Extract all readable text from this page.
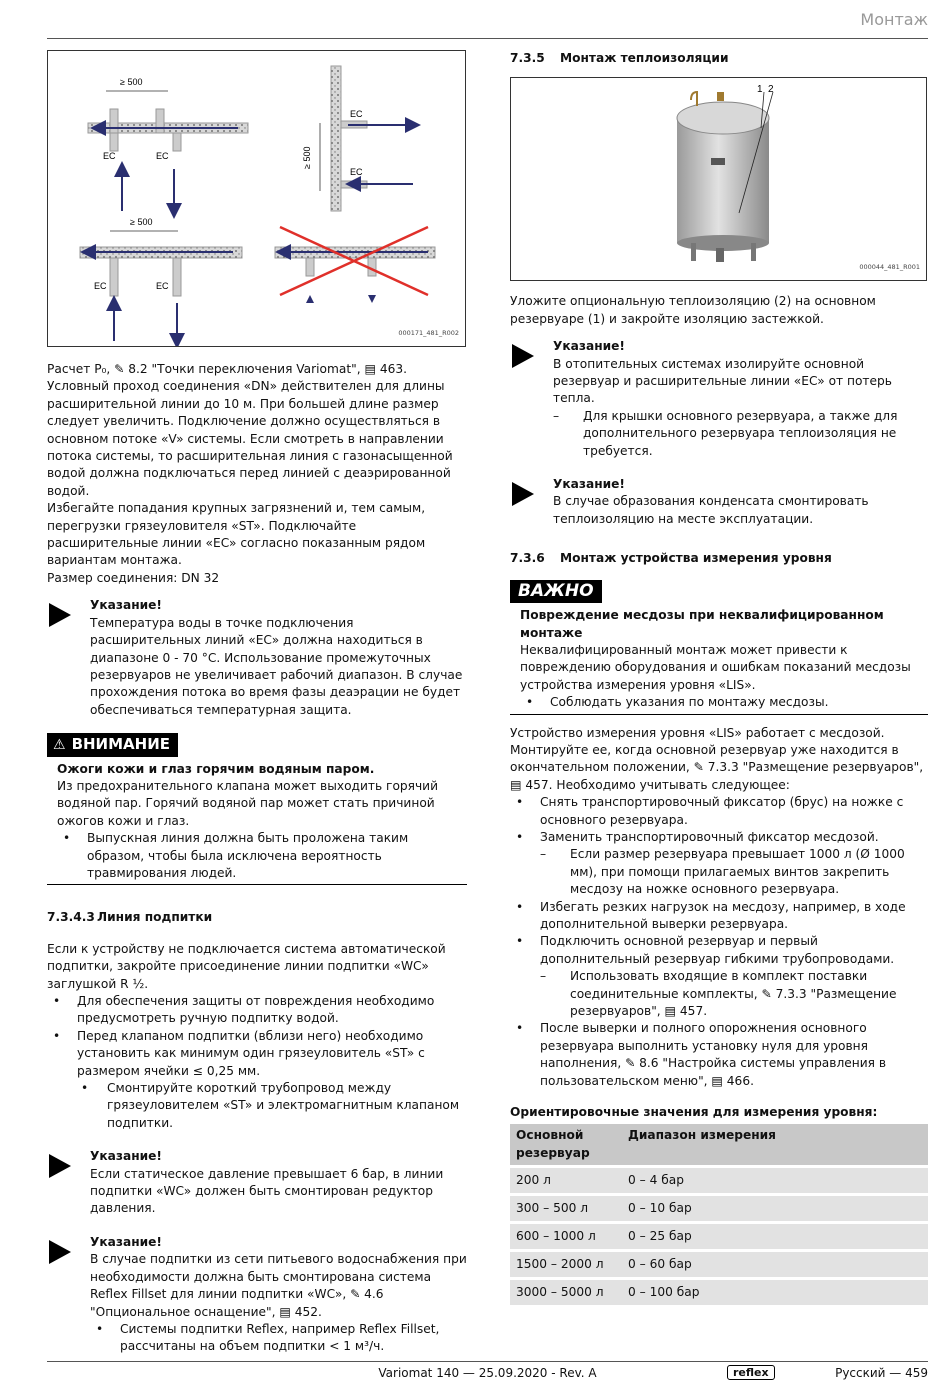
Монтаж
≥ 500
EC	EC
EC
EC
≥ 500
≥ 500
EC	EC
000171_481_R002

Расчет P₀, ✎ 8.2 "Точки переключения Variomat", ▤ 463.

Условный проход соединения «DN» действителен для длины расширительной линии до 10 м. При большей длине размер следует увеличить. Подключение должно осуществляться в основном потоке «V» системы. Если смотреть в направлении потока системы, то расширительная линия с газонасыщенной водой должна подключаться перед линией с деаэрированной водой.

Избегайте попадания крупных загрязнений и, тем самым, перегрузки грязеуловителя «ST». Подключайте расширительные линии «EC» согласно показанным рядом вариантам монтажа.

Размер соединения: DN 32

Указание!
Температура воды в точке подключения расширительных линий «EC» должна находиться в диапазоне 0 - 70 °C. Использование промежуточных резервуаров не увеличивает рабочий диапазон. В случае прохождения потока во время фазы деаэрации не будет обеспечиваться температурная защита.
⚠ ВНИМАНИЕ
Ожоги кожи и глаз горячим водяным паром.
Из предохранительного клапана может выходить горячий водяной пар. Горячий водяной пар может стать причиной ожогов кожи и глаз.
• Выпускная линия должна быть проложена таким образом, чтобы была исключена вероятность травмирования людей.
7.3.4.3 Линия подпитки

Если к устройству не подключается система автоматической подпитки, закройте присоединение линии подпитки «WC» заглушкой R ½.

• Для обеспечения защиты от повреждения необходимо предусмотреть ручную подпитку водой.
• Перед клапаном подпитки (вблизи него) необходимо установить как минимум один грязеуловитель «ST» с размером ячейки ≤ 0,25 мм.
• Смонтируйте короткий трубопровод между грязеуловителем «ST» и электромагнитным клапаном подпитки.
Указание!
Если статическое давление превышает 6 бар, в линии подпитки «WC» должен быть смонтирован редуктор давления.
Указание!
В случае подпитки из сети питьевого водоснабжения при необходимости должна быть смонтирована система Reflex Fillset для линии подпитки «WC», ✎ 4.6 "Опциональное оснащение", ▤ 452.
• Системы подпитки Reflex, например Reflex Fillset, рассчитаны на объем подпитки < 1 м³/ч.
7.3.5 Монтаж теплоизоляции
1 2
000044_481_R001

Уложите опциональную теплоизоляцию (2) на основном резервуаре (1) и закройте изоляцию застежкой.

Указание!
В отопительных системах изолируйте основной резервуар и расширительные линии «EC» от потерь тепла.
– Для крышки основного резервуара, а также для дополнительного резервуара теплоизоляция не требуется.
Указание!
В случае образования конденсата смонтировать теплоизоляцию на месте эксплуатации.
7.3.6 Монтаж устройства измерения уровня
ВАЖНО
Повреждение месдозы при неквалифицированном монтаже
Неквалифицированный монтаж может привести к повреждению оборудования и ошибкам показаний месдозы устройства измерения уровня «LIS».
• Соблюдать указания по монтажу месдозы.

Устройство измерения уровня «LIS» работает с месдозой. Монтируйте ее, когда основной резервуар уже находится в окончательном положении, ✎ 7.3.3 "Размещение резервуаров", ▤ 457. Необходимо учитывать следующее:

• Снять транспортировочный фиксатор (брус) на ножке с основного резервуара.
• Заменить транспортировочный фиксатор месдозой.
– Если размер резервуара превышает 1000 л (Ø 1000 мм), при помощи прилагаемых винтов закрепить месдозу на ножке основного резервуара.
• Избегать резких нагрузок на месдозу, например, в ходе дополнительной выверки резервуара.
• Подключить основной резервуар и первый дополнительный резервуар гибкими трубопроводами.
– Использовать входящие в комплект поставки соединительные комплекты, ✎ 7.3.3 "Размещение резервуаров", ▤ 457.
• После выверки и полного опорожнения основного резервуара выполнить установку нуля для уровня наполнения, ✎ 8.6 "Настройка системы управления в пользовательском меню", ▤ 466.
Ориентировочные значения для измерения уровня:
Основной резервуар	Диапазон измерения
200 л	0 – 4 бар
300 – 500 л	0 – 10 бар
600 – 1000 л	0 – 25 бар
1500 – 2000 л	0 – 60 бар
3000 – 5000 л	0 – 100 бар
Variomat 140 — 25.09.2020 - Rev. A	reflex	Русский — 459
